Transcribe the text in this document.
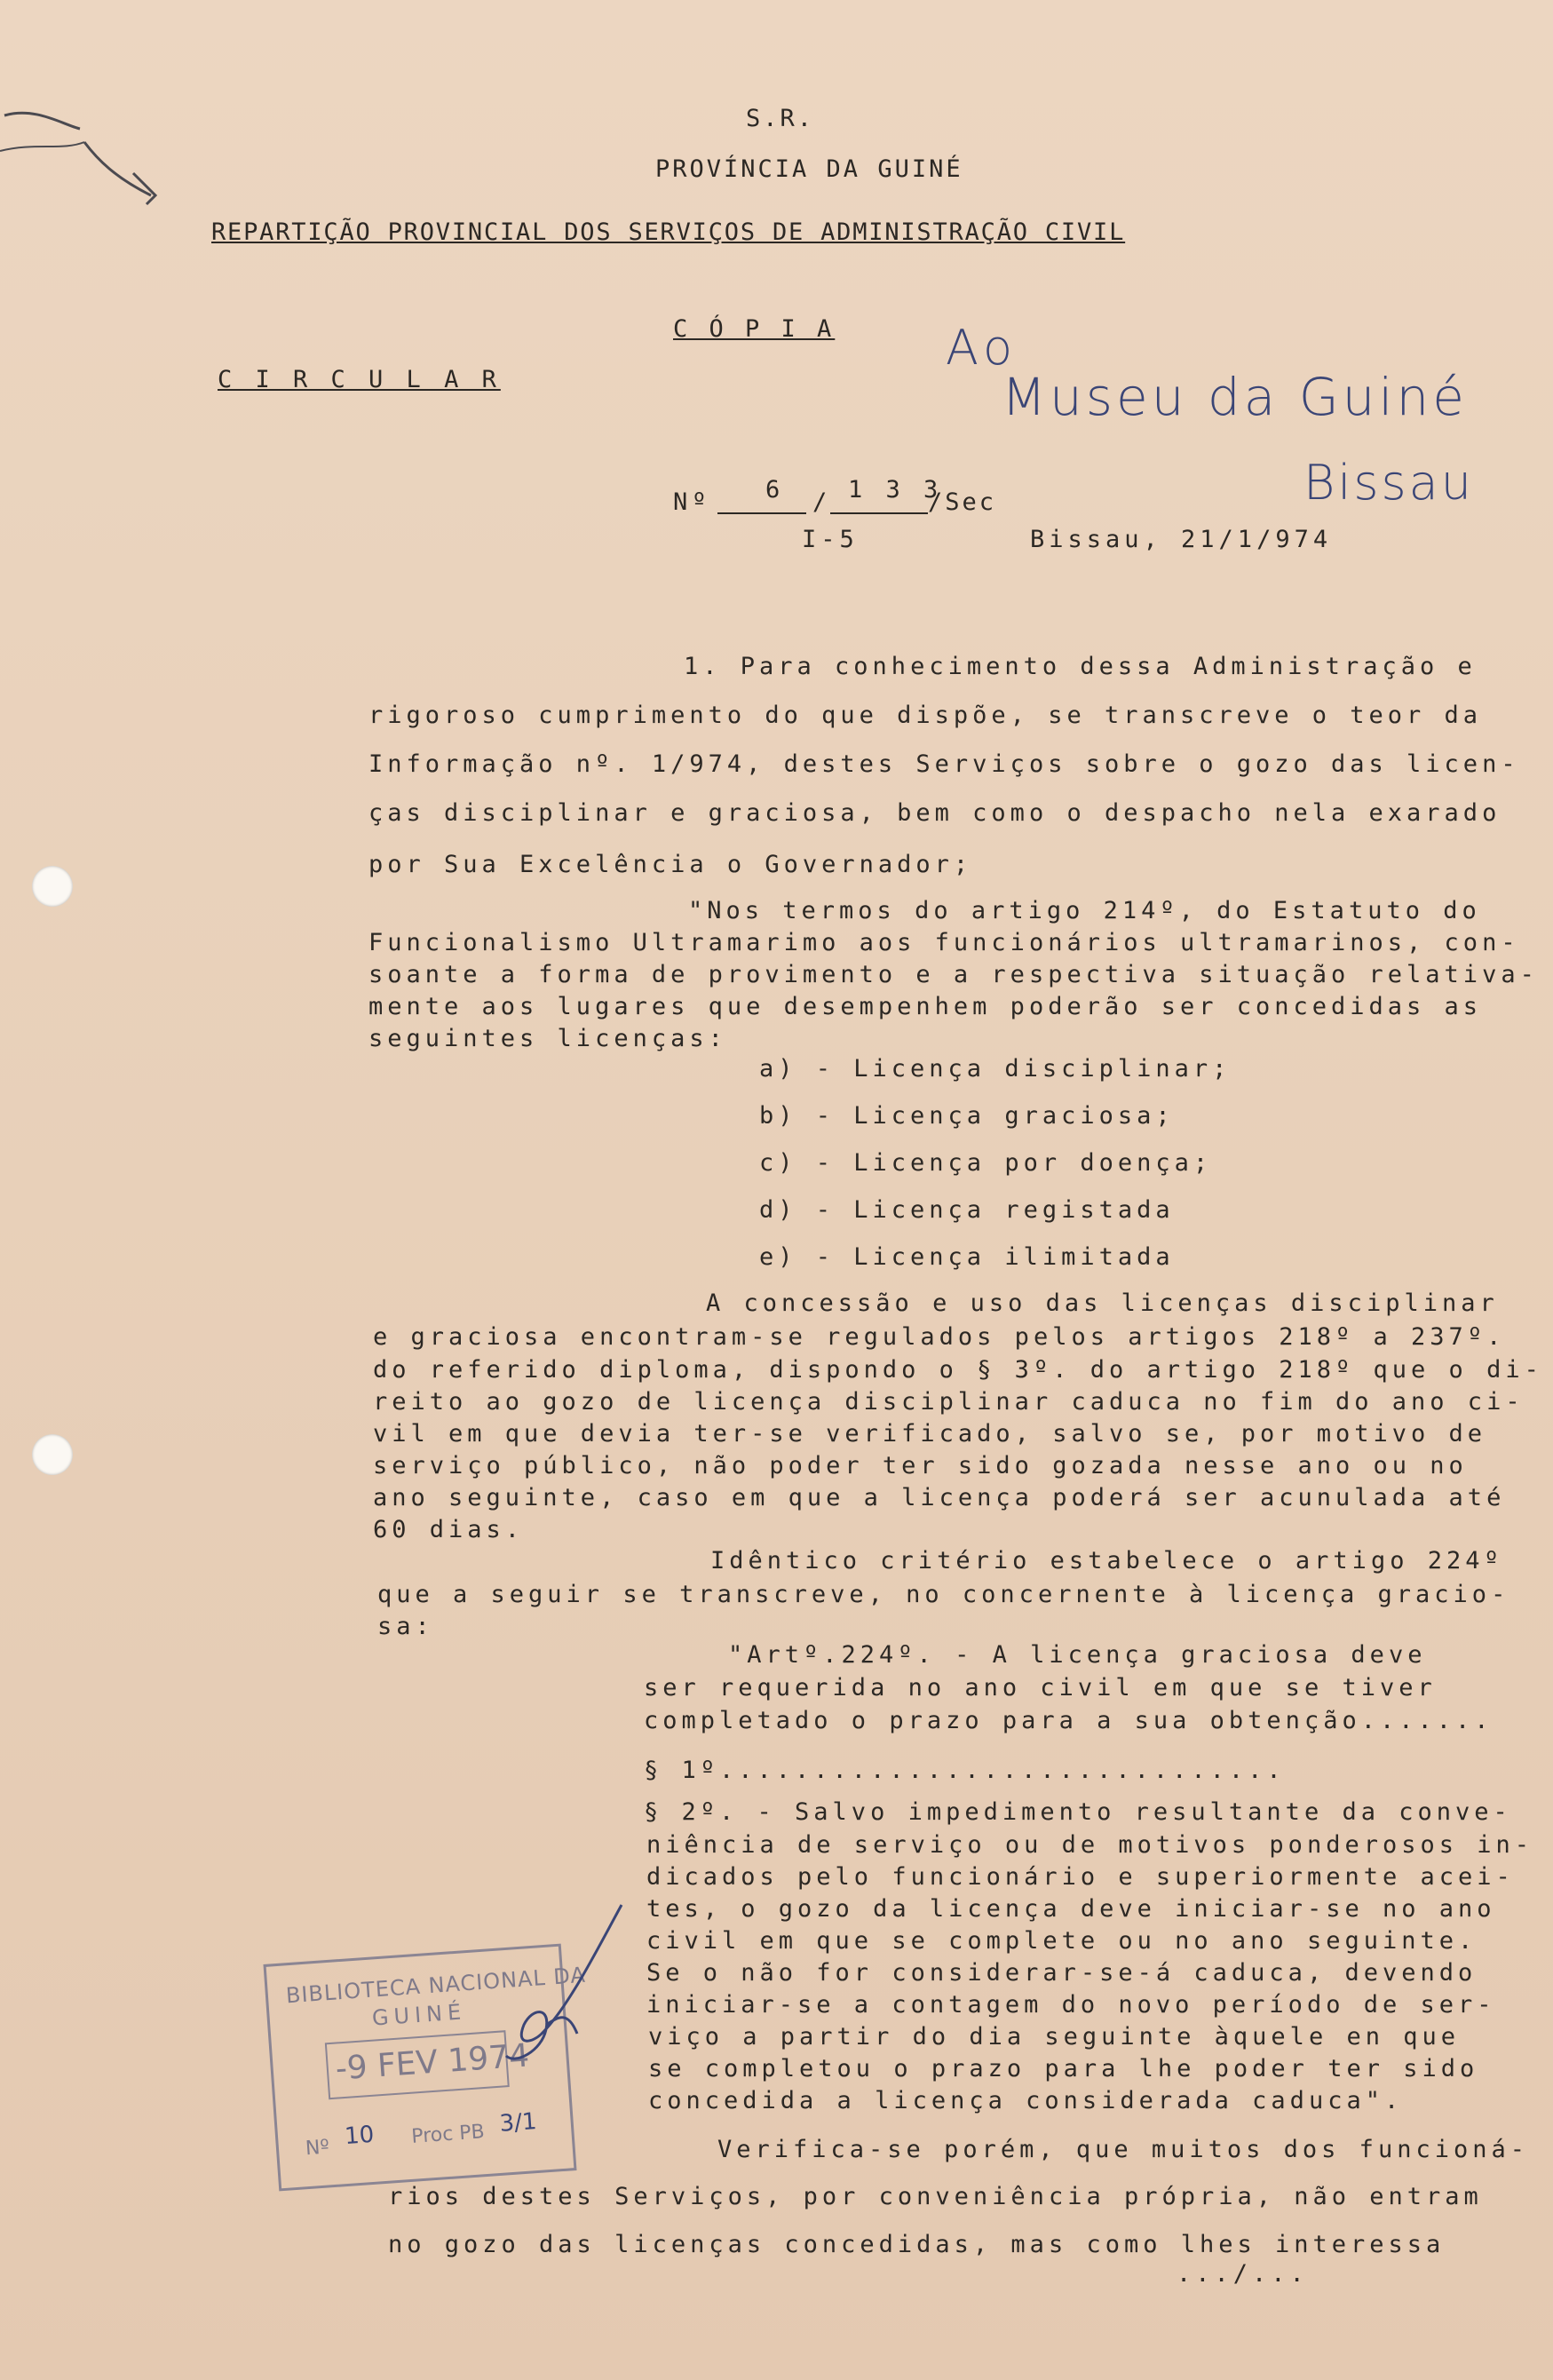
S.R.
PROVÍNCIA DA GUINÉ
REPARTIÇÃO PROVINCIAL DOS SERVIÇOS DE ADMINISTRAÇÃO CIVIL
C Ó P I A
C I R C U L A R
Ao
Museu da Guiné
Bissau
Nº 6 / 1 3 3
/Sec
I-5	Bissau, 21/1/974
1. Para conhecimento dessa Administração e
rigoroso cumprimento do que dispõe, se transcreve o teor da
Informação nº. 1/974, destes Serviços sobre o gozo das licen-
ças disciplinar e graciosa, bem como o despacho nela exarado
por Sua Excelência o Governador;
"Nos termos do artigo 214º, do Estatuto do
Funcionalismo Ultramarimo aos funcionários ultramarinos, con-
soante a forma de provimento e a respectiva situação relativa-
mente aos lugares que desempenhem poderão ser concedidas as
seguintes licenças:
a) - Licença disciplinar;
b) - Licença graciosa;
c) - Licença por doença;
d) - Licença registada
e) - Licença ilimitada
A concessão e uso das licenças disciplinar
e graciosa encontram-se regulados pelos artigos 218º a 237º.
do referido diploma, dispondo o § 3º. do artigo 218º que o di-
reito ao gozo de licença disciplinar caduca no fim do ano ci-
vil em que devia ter-se verificado, salvo se, por motivo de
serviço público, não poder ter sido gozada nesse ano ou no
ano seguinte, caso em que a licença poderá ser acunulada até
60 dias.
Idêntico critério estabelece o artigo 224º
que a seguir se transcreve, no concernente à licença gracio-
sa:
"Artº.224º. - A licença graciosa deve
ser requerida no ano civil em que se tiver
completado o prazo para a sua obtenção.......
§ 1º..............................
§ 2º. - Salvo impedimento resultante da conve-
niência de serviço ou de motivos ponderosos in-
dicados pelo funcionário e superiormente acei-
tes, o gozo da licença deve iniciar-se no ano
civil em que se complete ou no ano seguinte.
Se o não for considerar-se-á caduca, devendo
iniciar-se a contagem do novo período de ser-
viço a partir do dia seguinte àquele en que
se completou o prazo para lhe poder ter sido
concedida a licença considerada caduca".
Verifica-se porém, que muitos dos funcioná-
rios destes Serviços, por conveniência própria, não entram
no gozo das licenças concedidas, mas como lhes interessa
.../...
BIBLIOTECA NACIONAL DA
GUINÉ
-9 FEV 1974
Nº 10 Proc PB 3/1
